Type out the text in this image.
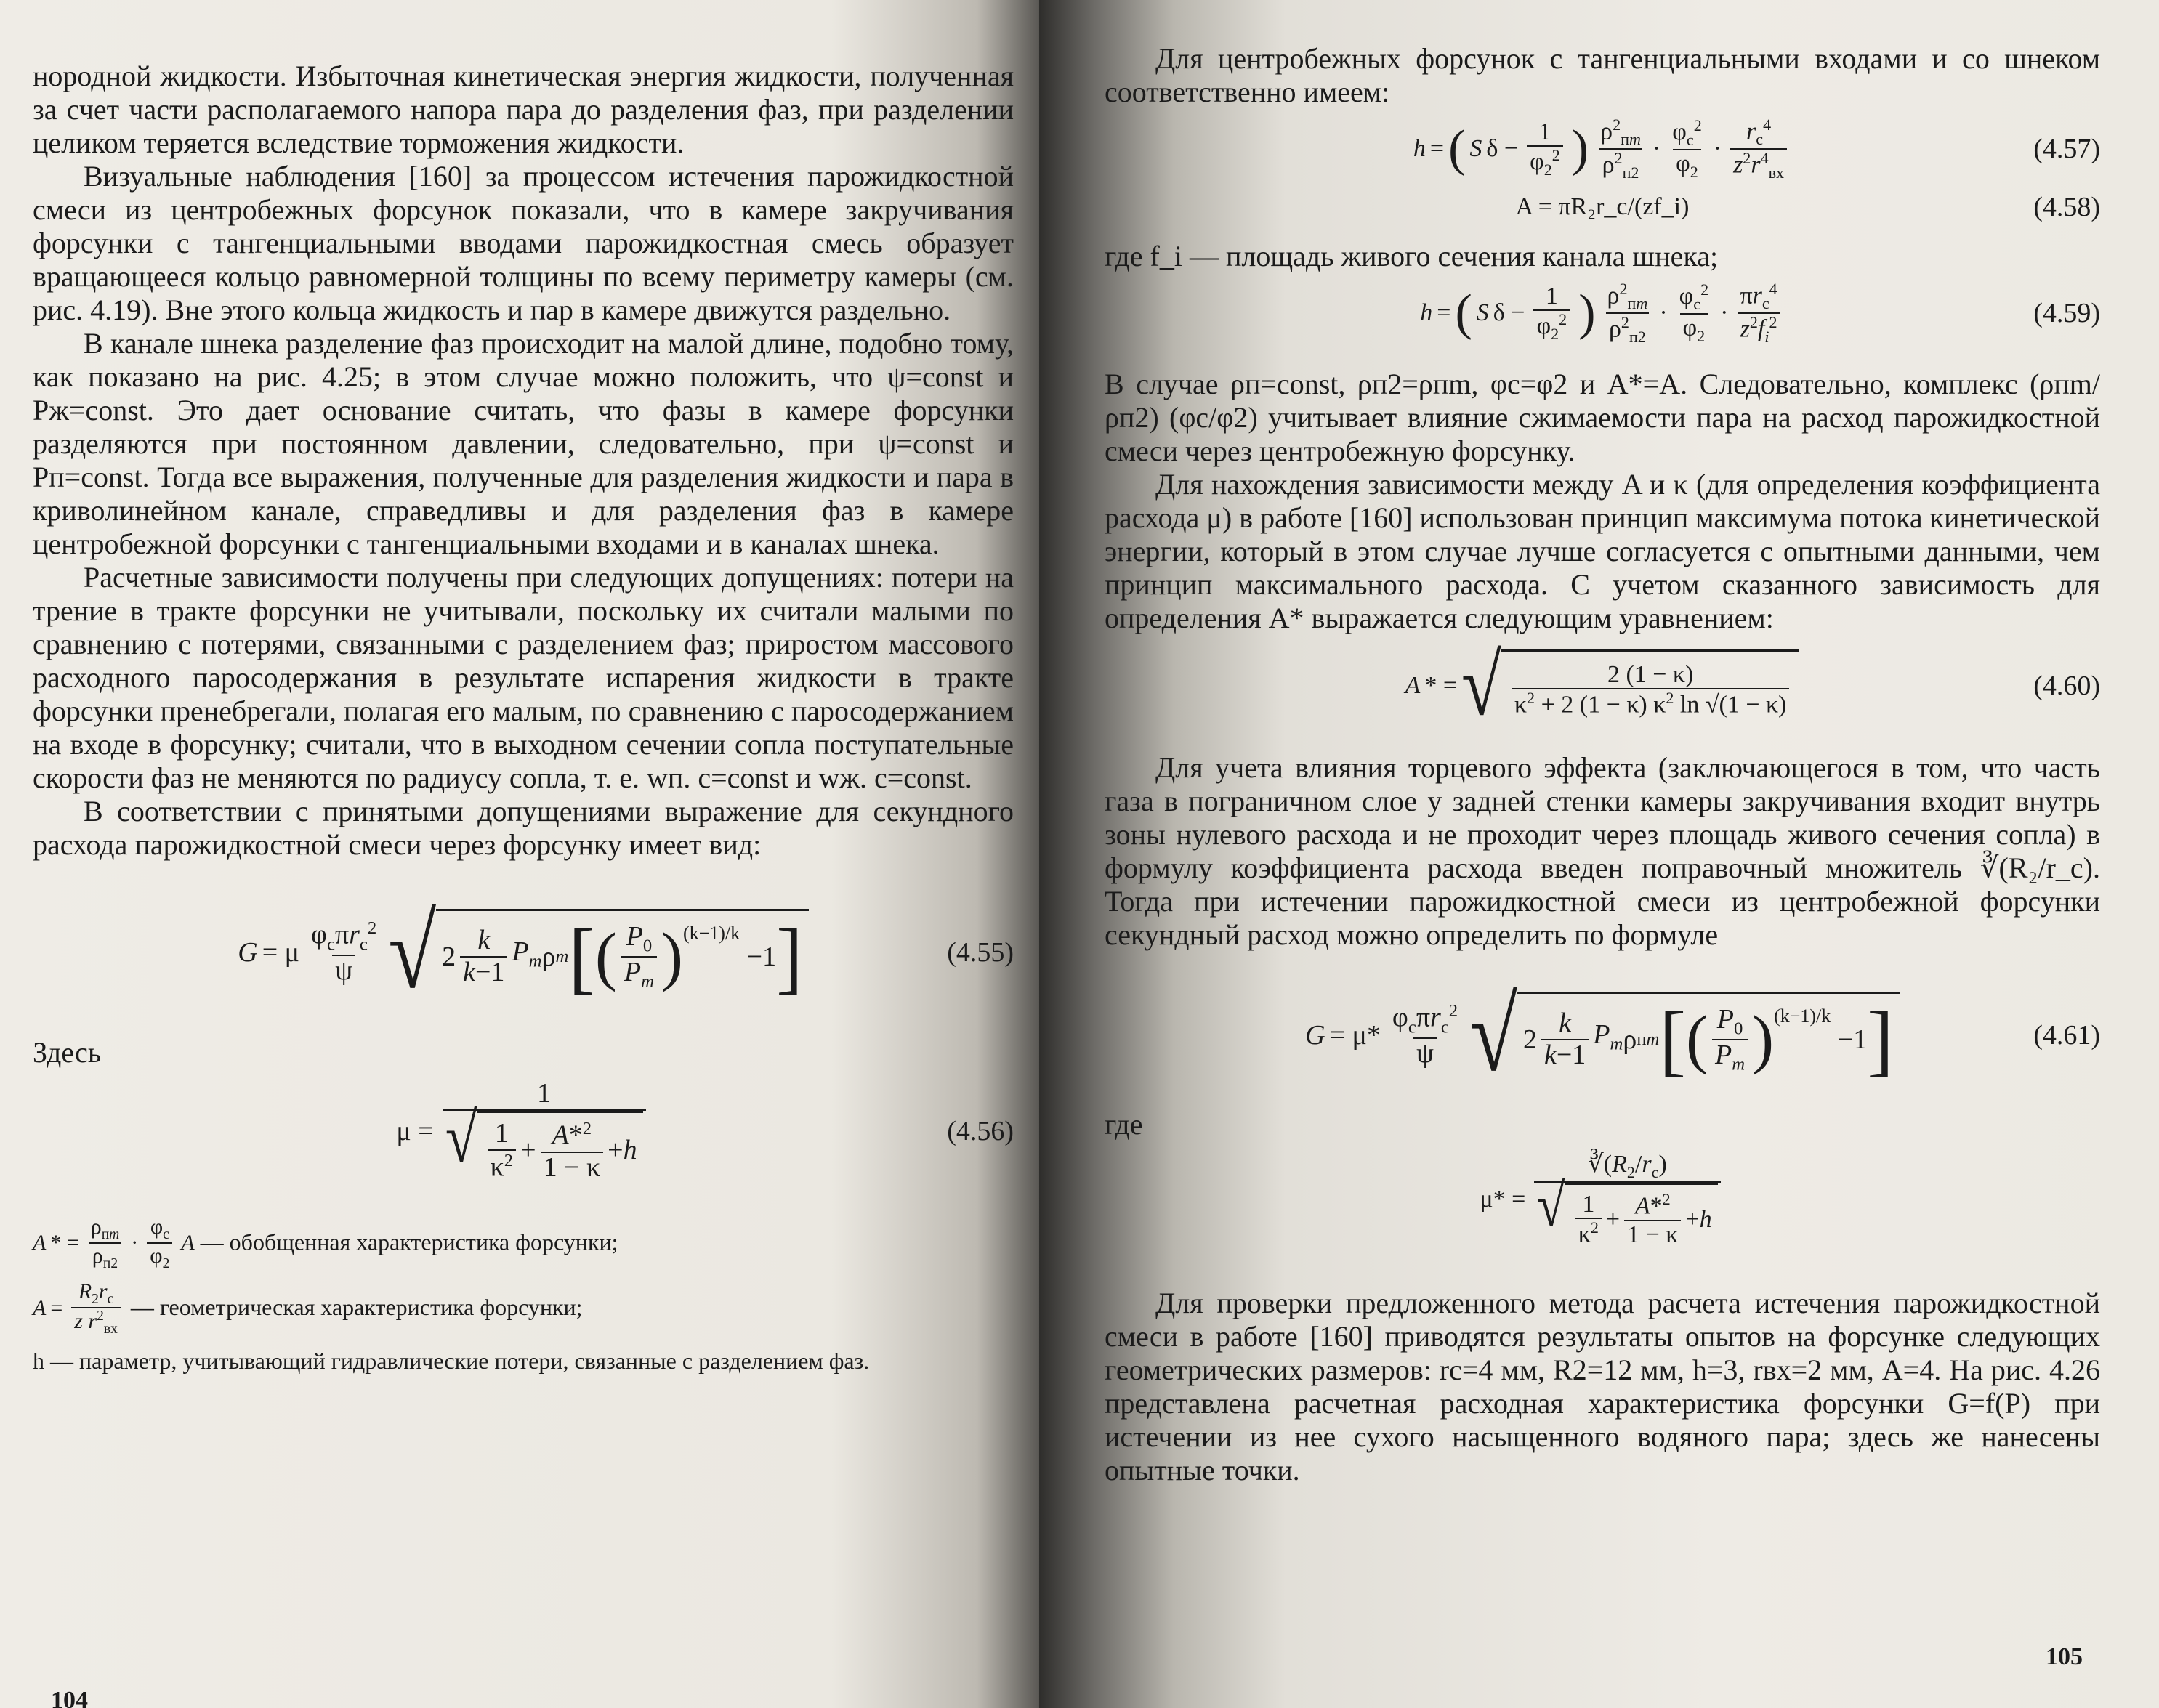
нородной жидкости. Избыточная кинетическая энергия жидкости, полученная за счет части располагаемого напора пара до разделения фаз, при разделении целиком теряется вследствие торможения жидкости.

Визуальные наблюдения [160] за процессом истечения парожидкостной смеси из центробежных форсунок показали, что в камере закручивания форсунки с тангенциальными вводами парожидкостная смесь образует вращающееся кольцо равномерной толщины по всему периметру камеры (см. рис. 4.19). Вне этого кольца жидкость и пар в камере движутся раздельно.

В канале шнека разделение фаз происходит на малой длине, подобно тому, как показано на рис. 4.25; в этом случае можно положить, что ψ=const и Pж=const. Это дает основание считать, что фазы в камере форсунки разделяются при постоянном давлении, следовательно, при ψ=const и Pп=const. Тогда все выражения, полученные для разделения жидкости и пара в криволинейном канале, справедливы и для разделения фаз в камере центробежной форсунки с тангенциальными входами и в каналах шнека.

Расчетные зависимости получены при следующих допущениях: потери на трение в тракте форсунки не учитывали, поскольку их считали малыми по сравнению с потерями, связанными с разделением фаз; приростом массового расходного паросодержания в результате испарения жидкости в тракте форсунки пренебрегали, полагая его малым, по сравнению с паросодержанием на входе в форсунку; считали, что в выходном сечении сопла поступательные скорости фаз не меняются по радиусу сопла, т. е. wп. с=const и wж. с=const.

В соответствии с принятыми допущениями выражение для секундного расхода парожидкостной смеси через форсунку имеет вид:

G = μ $\frac{\varphi_c\pi r_c^2}{\psi}$ √ $2 \frac{k}{k-1} P_m$ ρ m [ ( $\frac{P_0}{P_m} )^{(k-1)/k}$
−1 ]	(4.55)

Здесь

$\mu = \frac{1}{√ \frac{1}{\kappa^2} + \frac{A*^2}{1 - \kappa} + h}$	(4.56)

A * = $\frac{\rho_{пm}}{\rho_{п2}} \cdot \frac{\varphi_c}{\varphi_2}$ A — обобщенная характеристика форсунки;

$A = \frac{R_2r_c}{z r^2_{вх}}$ — геометрическая характеристика форсунки;

h — параметр, учитывающий гидравлические потери, связанные с разделением фаз.

104

Для центробежных форсунок с тангенциальными входами и со шнеком соответственно имеем:

h = ( S $\delta - \frac{1}{\varphi_2^2}$ ) $\frac{\rho^2_{пm}}{\rho^2_{п2}} \cdot \frac{\varphi_c^2}{\varphi_2} \cdot \frac{r_c^4}{z^2r^4_{вх}}$	(4.57)
A = πR₂r_c/(zf_i)	(4.58)

где f_i — площадь живого сечения канала шнека;

h = ( S $\delta - \frac{1}{\varphi_2^2}$ ) $\frac{\rho^2_{пm}}{\rho^2_{п2}} \cdot \frac{\varphi_c^2}{\varphi_2} \cdot \frac{\pi r_c^4}{z^2f_i^2}$	(4.59)

В случае ρп=const, ρп2=ρпm, φc=φ2 и A*=A. Следовательно, комплекс (ρпm/ρп2) (φc/φ2) учитывает влияние сжимаемости пара на расход парожидкостной смеси через центробежную форсунку.

Для нахождения зависимости между A и κ (для определения коэффициента расхода μ) в работе [160] использован принцип максимума потока кинетической энергии, который в этом случае лучше согласуется с опытными данными, чем принцип максимального расхода. С учетом сказанного зависимость для определения A* выражается следующим уравнением:

A * = √ $\frac{2 (1 - \kappa)}{\kappa^2 + 2 (1 - \kappa) \kappa^2 \ln √(1 - \kappa)}$	(4.60)

Для учета влияния торцевого эффекта (заключающегося в том, что часть газа в пограничном слое у задней стенки камеры закручивания входит внутрь зоны нулевого расхода и не проходит через площадь живого сечения сопла) в формулу коэффициента расхода введен поправочный множитель ∛(R₂/r_c). Тогда при истечении парожидкостной смеси из центробежной форсунки секундный расход можно определить по формуле

$G = \mu* \frac{\varphi_c\pi r_c^2}{\psi}$ √ $2 \frac{k}{k-1} P_m$ ρ пm [ ( $\frac{P_0}{P_m} )^{(k-1)/k}$
−1 ]	(4.61)

где

$\mu* = \frac{∛(R_2/r_c)}{√ \frac{1}{\kappa^2} + \frac{A*^2}{1 - \kappa} + h}$

Для проверки предложенного метода расчета истечения парожидкостной смеси в работе [160] приводятся результаты опытов на форсунке следующих геометрических размеров: rc=4 мм, R2=12 мм, h=3, rвх=2 мм, A=4. На рис. 4.26 представлена расчетная расходная характеристика форсунки G=f(P) при истечении из нее сухого насыщенного водяного пара; здесь же нанесены опытные точки.

105
